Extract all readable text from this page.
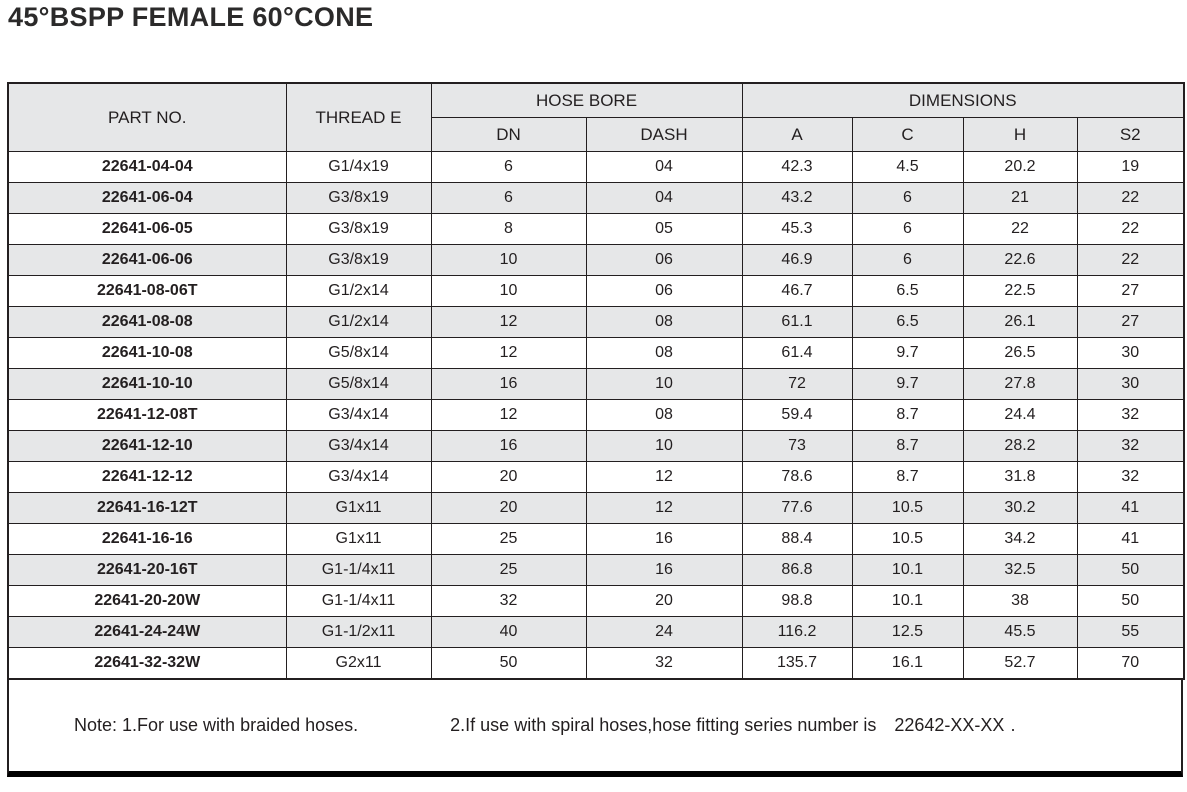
45°BSPP FEMALE 60°CONE
PART NO.	THREAD E	HOSE BORE		DIMENSIONS			
		DN	DASH	A	C	H	S2
22641-04-04	G1/4x19	6	04	42.3	4.5	20.2	19
22641-06-04	G3/8x19	6	04	43.2	6	21	22
22641-06-05	G3/8x19	8	05	45.3	6	22	22
22641-06-06	G3/8x19	10	06	46.9	6	22.6	22
22641-08-06T	G1/2x14	10	06	46.7	6.5	22.5	27
22641-08-08	G1/2x14	12	08	61.1	6.5	26.1	27
22641-10-08	G5/8x14	12	08	61.4	9.7	26.5	30
22641-10-10	G5/8x14	16	10	72	9.7	27.8	30
22641-12-08T	G3/4x14	12	08	59.4	8.7	24.4	32
22641-12-10	G3/4x14	16	10	73	8.7	28.2	32
22641-12-12	G3/4x14	20	12	78.6	8.7	31.8	32
22641-16-12T	G1x11	20	12	77.6	10.5	30.2	41
22641-16-16	G1x11	25	16	88.4	10.5	34.2	41
22641-20-16T	G1-1/4x11	25	16	86.8	10.1	32.5	50
22641-20-20W	G1-1/4x11	32	20	98.8	10.1	38	50
22641-24-24W	G1-1/2x11	40	24	116.2	12.5	45.5	55
22641-32-32W	G2x11	50	32	135.7	16.1	52.7	70
Note: 1.For use with braided hoses.	2.If use with spiral hoses,hose fitting series number is 22642-XX-XX .
